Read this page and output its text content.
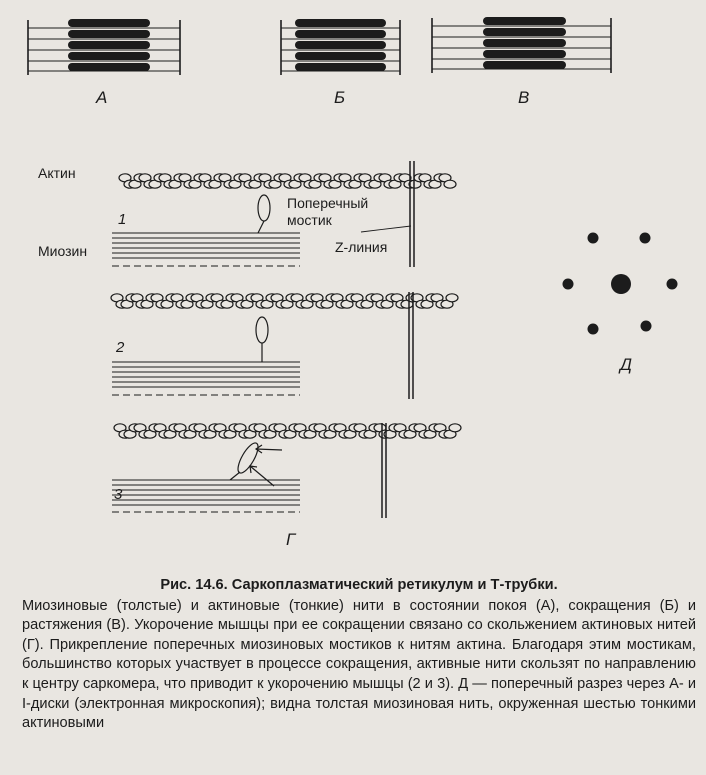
А	Б	В
Актин
Миозин
Поперечный
мостик
Z-линия
1
2
3
Г
Д

Рис. 14.6. Саркоплазматический ретикулум и Т-трубки.

Миозиновые (толстые) и актиновые (тонкие) нити в состоянии покоя (А), сокращения (Б) и растяжения (В). Укорочение мышцы при ее сокращении связано со скольжением актиновых нитей (Г). Прикрепление поперечных миозиновых мостиков к нитям актина. Благодаря этим мостикам, большинство которых участвует в процессе сокращения, активные нити скользят по направлению к центру саркомера, что приводит к укорочению мышцы (2 и 3). Д — поперечный разрез через А- и I-диски (электронная микроскопия); видна толстая миозиновая нить, окруженная шестью тонкими актиновыми
